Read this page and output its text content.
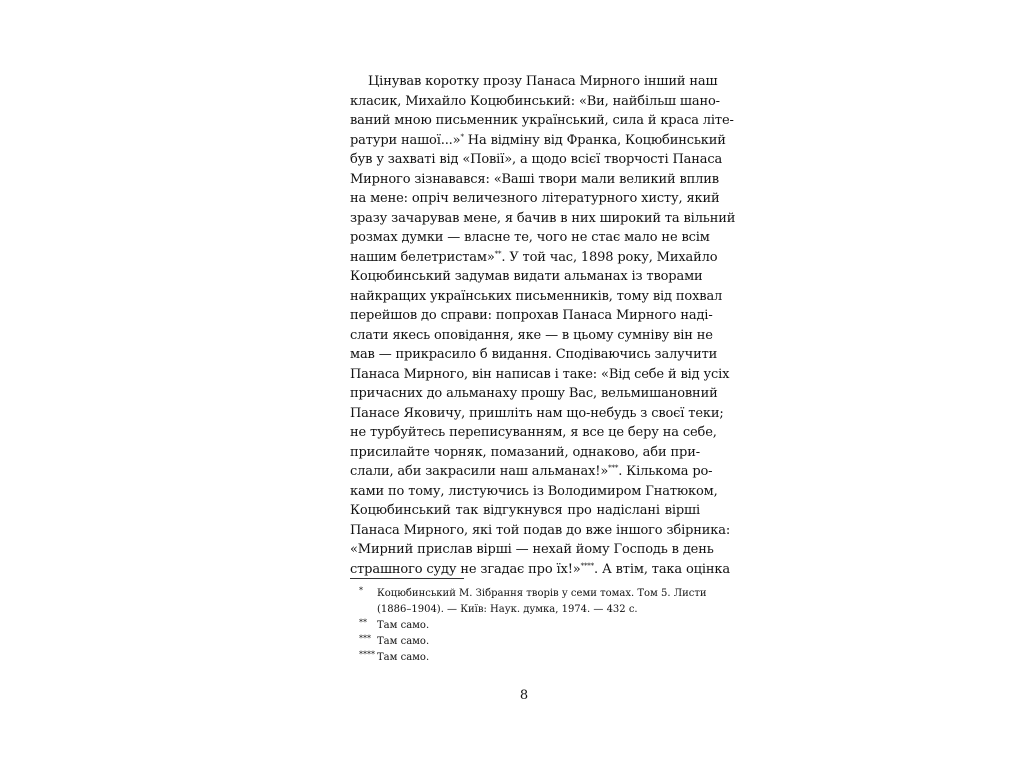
Цінував коротку прозу Панаса Мирного інший наш
класик, Михайло Коцюбинський: «Ви, найбільш шано-
ваний мною письменник український, сила й краса літе-
ратури нашої...»* На відміну від Франка, Коцюбинський
був у захваті від «Повії», а щодо всієї творчості Панаса
Мирного зізнавався: «Ваші твори мали великий вплив
на мене: опріч величезного літературного хисту, який
зразу зачарував мене, я бачив в них широкий та вільний
розмах думки — власне те, чого не стає мало не всім
нашим белетристам»**. У той час, 1898 року, Михайло
Коцюбинський задумав видати альманах із творами
найкращих українських письменників, тому від похвал
перейшов до справи: попрохав Панаса Мирного наді-
слати якесь оповідання, яке — в цьому сумніву він не
мав — прикрасило б видання. Сподіваючись залучити
Панаса Мирного, він написав і таке: «Від себе й від усіх
причасних до альманаху прошу Вас, вельмишановний
Панасе Яковичу, пришліть нам що-небудь з своєї теки;
не турбуйтесь переписуванням, я все це беру на себе,
присилайте чорняк, помазаний, однаково, аби при-
слали, аби закрасили наш альманах!»***. Кількома ро-
ками по тому, листуючись із Володимиром Гнатюком,
Коцюбинський так відгукнувся про надіслані вірші
Панаса Мирного, які той подав до вже іншого збірника:
«Мирний прислав вірші — нехай йому Господь в день
страшного суду не згадає про їх!»****. А втім, така оцінка
* Коцюбинський М. Зібрання творів у семи томах. Том 5. Листи
(1886–1904). — Київ: Наук. думка, 1974. — 432 с.
** Там само.
*** Там само.
**** Там само.
8
